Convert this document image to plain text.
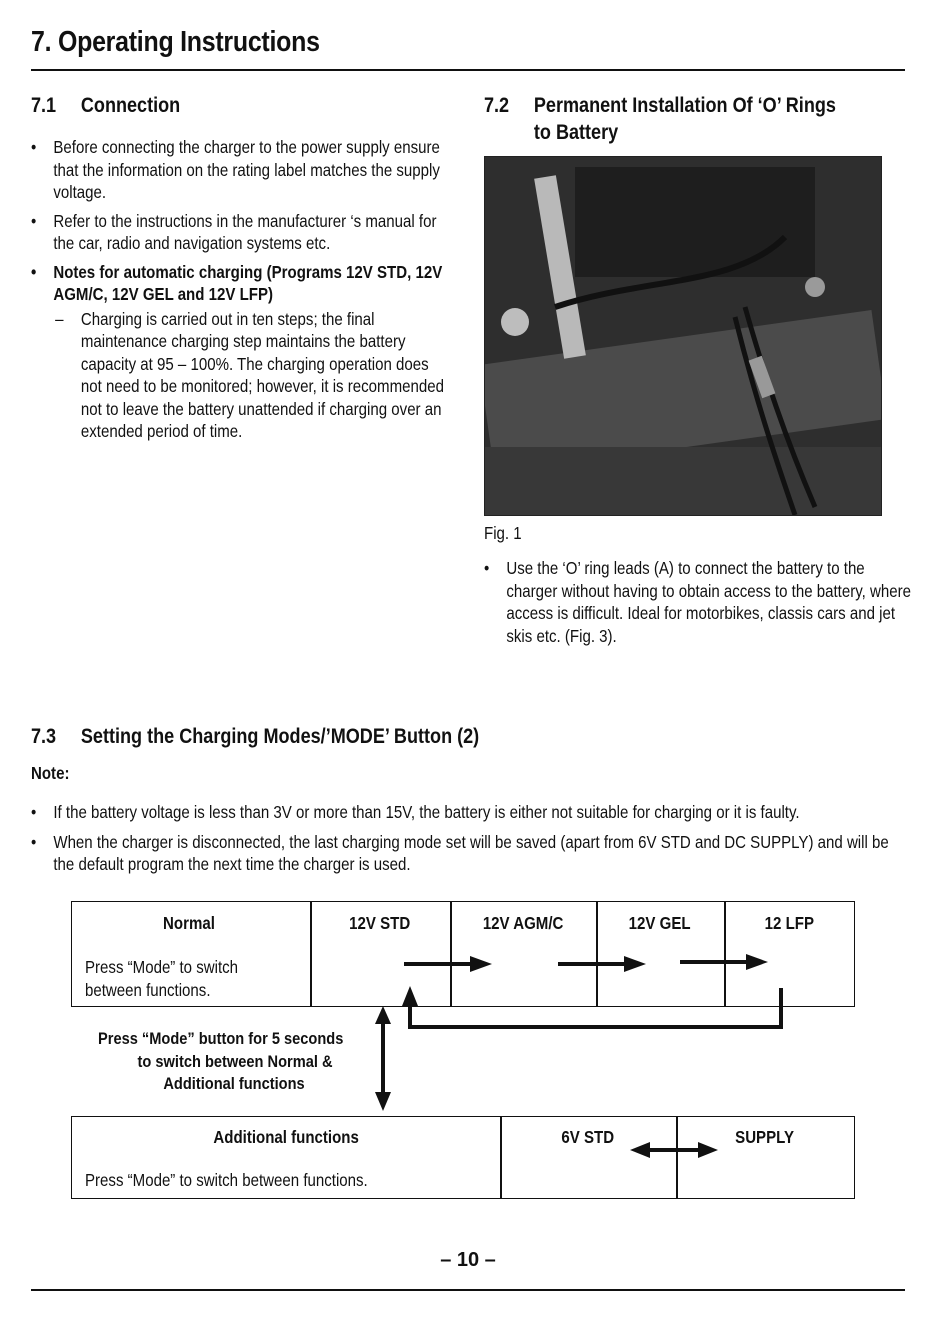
7. Operating Instructions
7.1 Connection
• Before connecting the charger to the power supply ensure that the information on the rating label matches the supply voltage.
• Refer to the instructions in the manufacturer ‘s manual for the car, radio and navigation systems etc.
• Notes for automatic charging (Programs 12V STD, 12V AGM/C, 12V GEL and 12V LFP)
– Charging is carried out in ten steps; the final maintenance charging step maintains the battery capacity at 95 – 100%. The charging operation does not need to be monitored; however, it is recommended not to leave the battery unattended if charging over an extended period of time.
7.2 Permanent Installation Of ‘O’ Rings
to Battery
Fig. 1
• Use the ‘O’ ring leads (A) to connect the battery to the charger without having to obtain access to the battery, where access is difficult. Ideal for motorbikes, classis cars and jet skis etc. (Fig. 3).
7.3 Setting the Charging Modes/’MODE’ Button (2)
Note:
• If the battery voltage is less than 3V or more than 15V, the battery is either not suitable for charging or it is faulty.
• When the charger is disconnected, the last charging mode set will be saved (apart from 6V STD and DC SUPPLY) and will be the default program the next time the charger is used.
Normal
Press “Mode” to switch
between functions.
12V STD	12V AGM/C	12V GEL	12 LFP
Press “Mode” button for 5 seconds
to switch between Normal &
Additional functions
Additional functions
Press “Mode” to switch between functions.
6V STD	SUPPLY
– 10 –
